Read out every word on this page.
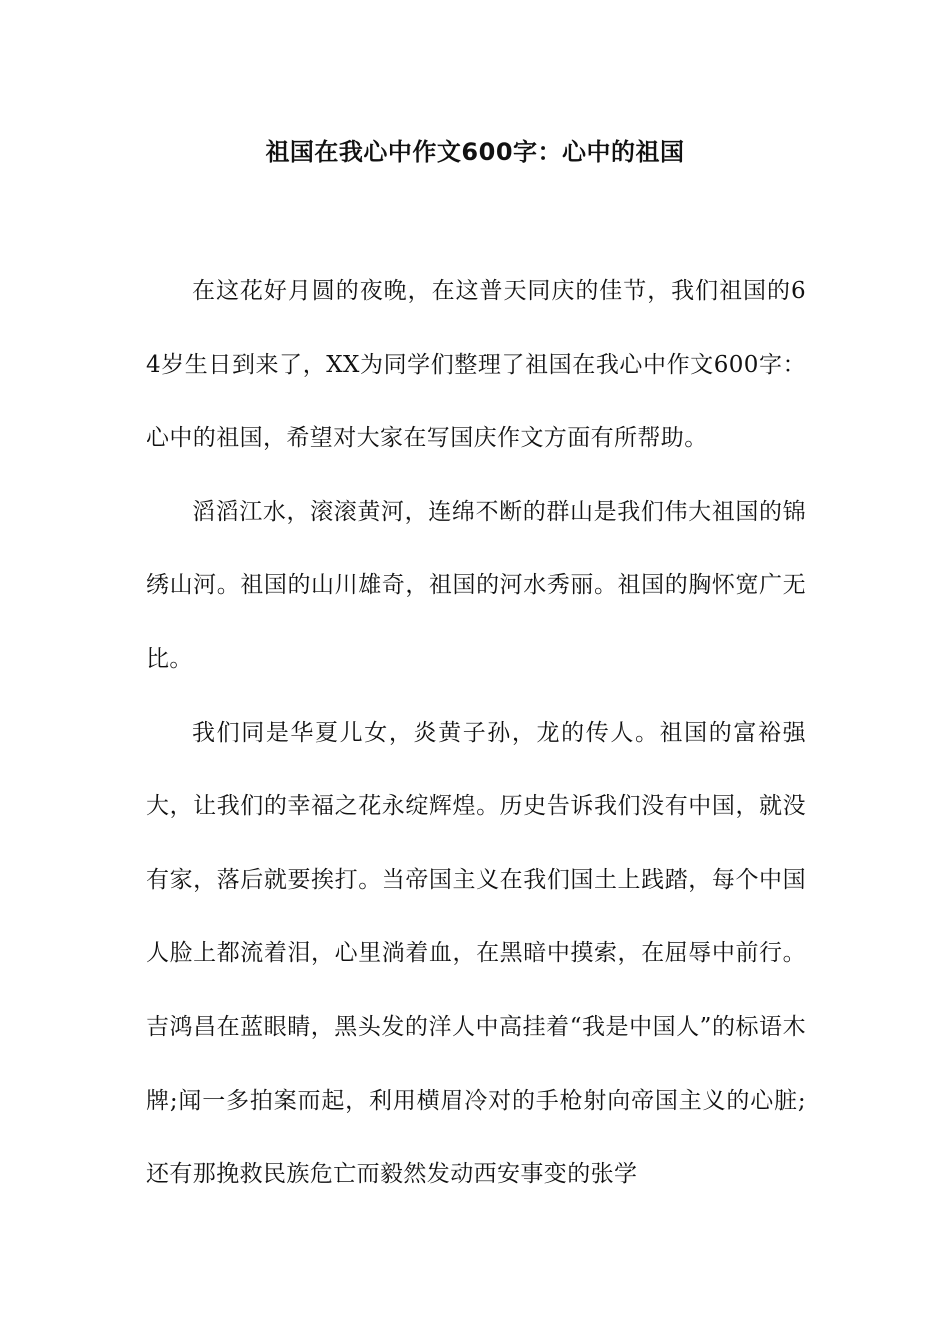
祖国在我心中作文600字：心中的祖国

在这花好月圆的夜晚，在这普天同庆的佳节，我们祖国的64岁生日到来了，XX为同学们整理了祖国在我心中作文600字：心中的祖国，希望对大家在写国庆作文方面有所帮助。

滔滔江水，滚滚黄河，连绵不断的群山是我们伟大祖国的锦绣山河。祖国的山川雄奇，祖国的河水秀丽。祖国的胸怀宽广无比。

我们同是华夏儿女，炎黄子孙，龙的传人。祖国的富裕强大，让我们的幸福之花永绽辉煌。历史告诉我们没有中国，就没有家，落后就要挨打。当帝国主义在我们国土上践踏，每个中国人脸上都流着泪，心里淌着血，在黑暗中摸索，在屈辱中前行。吉鸿昌在蓝眼睛，黑头发的洋人中高挂着“我是中国人”的标语木牌;闻一多拍案而起，利用横眉冷对的手枪射向帝国主义的心脏;还有那挽救民族危亡而毅然发动西安事变的张学
